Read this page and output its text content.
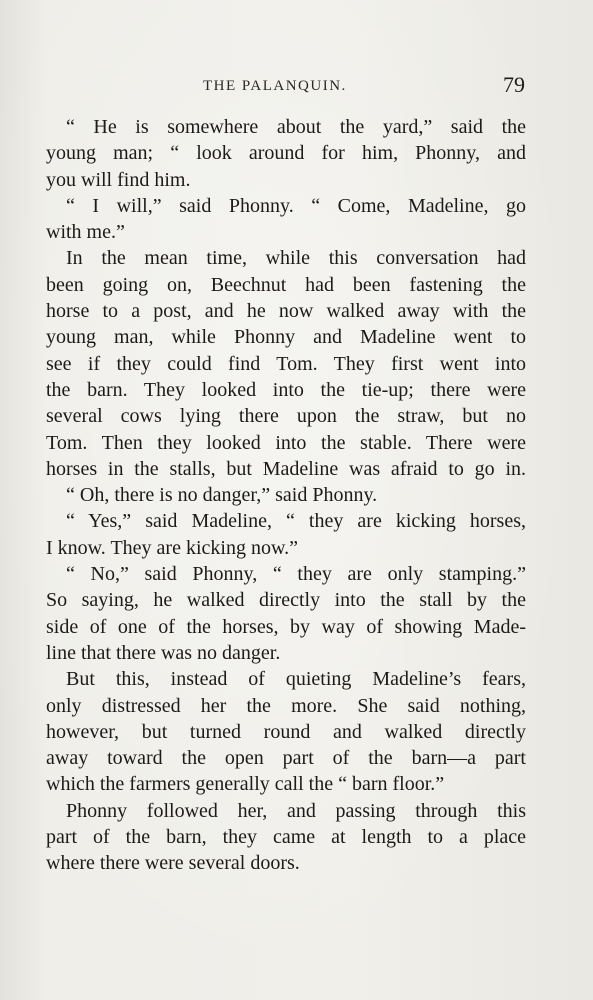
THE PALANQUIN.	79
“ He is somewhere about the yard,” said the
young man; “ look around for him, Phonny, and
you will find him.
“ I will,” said Phonny. “ Come, Madeline, go
with me.”
In the mean time, while this conversation had
been going on, Beechnut had been fastening the
horse to a post, and he now walked away with the
young man, while Phonny and Madeline went to
see if they could find Tom. They first went into
the barn. They looked into the tie-up; there were
several cows lying there upon the straw, but no
Tom. Then they looked into the stable. There were
horses in the stalls, but Madeline was afraid to go in.
“ Oh, there is no danger,” said Phonny.
“ Yes,” said Madeline, “ they are kicking horses,
I know. They are kicking now.”
“ No,” said Phonny, “ they are only stamping.”
So saying, he walked directly into the stall by the
side of one of the horses, by way of showing Made-
line that there was no danger.
But this, instead of quieting Madeline’s fears,
only distressed her the more. She said nothing,
however, but turned round and walked directly
away toward the open part of the barn—a part
which the farmers generally call the “ barn floor.”
Phonny followed her, and passing through this
part of the barn, they came at length to a place
where there were several doors.
